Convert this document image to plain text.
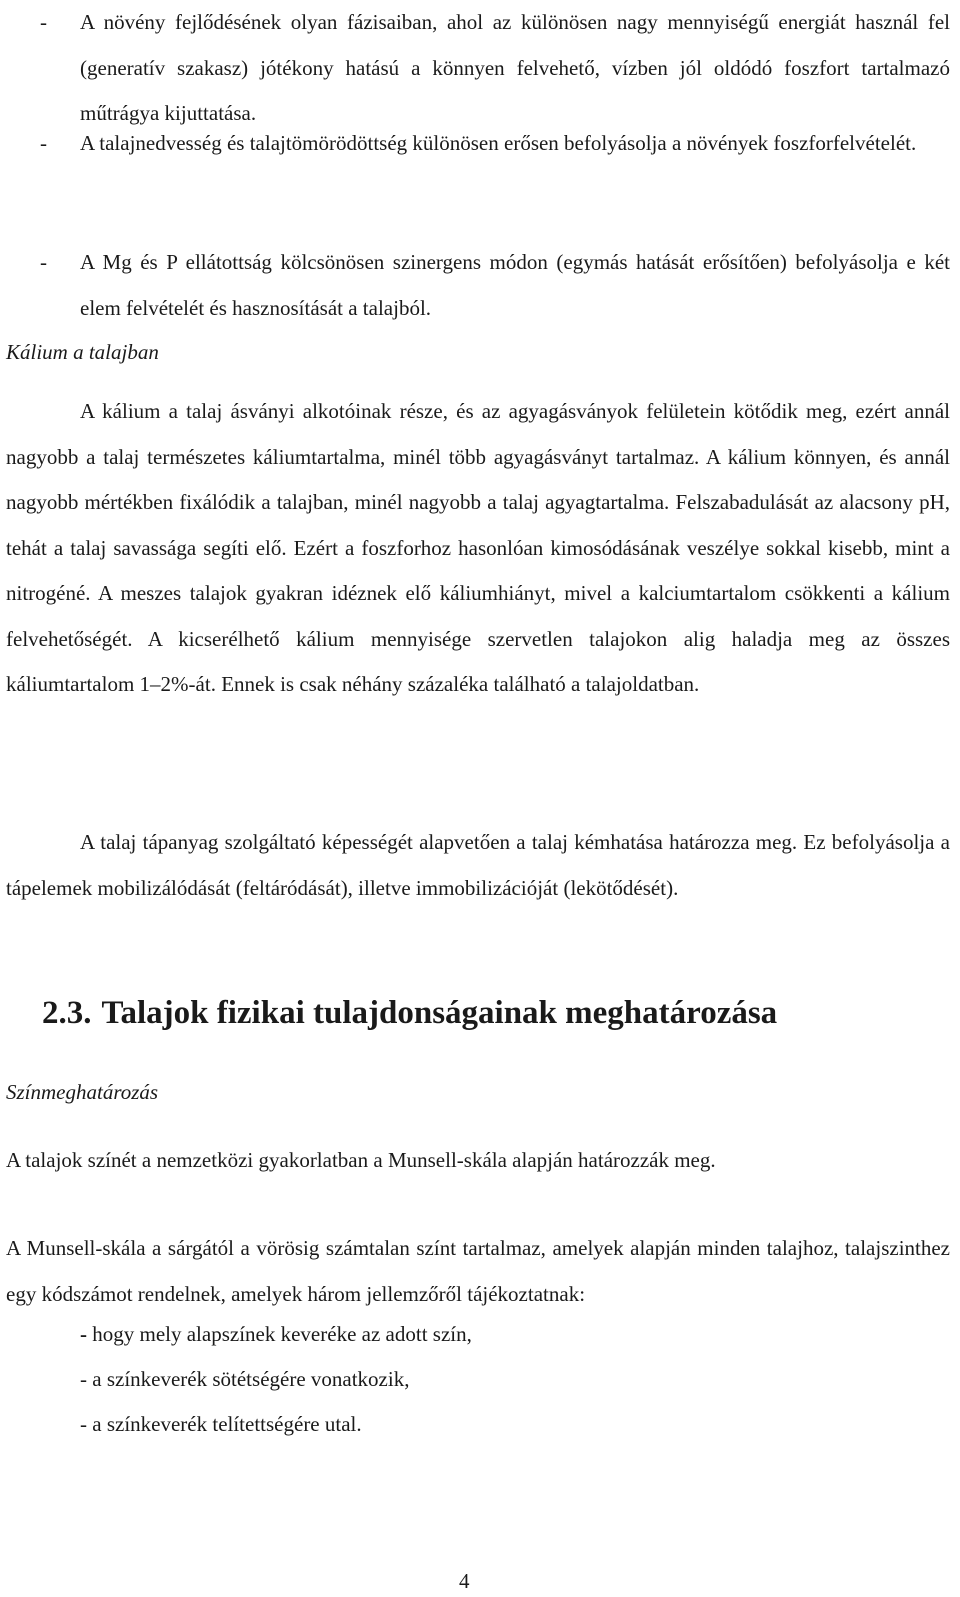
- A növény fejlődésének olyan fázisaiban, ahol az különösen nagy mennyiségű energiát használ fel (generatív szakasz) jótékony hatású a könnyen felvehető, vízben jól oldódó foszfort tartalmazó műtrágya kijuttatása.
- A talajnedvesség és talajtömörödöttség különösen erősen befolyásolja a növények foszforfelvételét.
- A Mg és P ellátottság kölcsönösen szinergens módon (egymás hatását erősítően) befolyásolja e két elem felvételét és hasznosítását a talajból.
Kálium a talajban
A kálium a talaj ásványi alkotóinak része, és az agyagásványok felületein kötődik meg, ezért annál nagyobb a talaj természetes káliumtartalma, minél több agyagásványt tartalmaz. A kálium könnyen, és annál nagyobb mértékben fixálódik a talajban, minél nagyobb a talaj agyagtartalma. Felszabadulását az alacsony pH, tehát a talaj savassága segíti elő. Ezért a foszforhoz hasonlóan kimosódásának veszélye sokkal kisebb, mint a nitrogéné. A meszes talajok gyakran idéznek elő káliumhiányt, mivel a kalciumtartalom csökkenti a kálium felvehetőségét. A kicserélhető kálium mennyisége szervetlen talajokon alig haladja meg az összes káliumtartalom 1–2%-át. Ennek is csak néhány százaléka található a talajoldatban.
A talaj tápanyag szolgáltató képességét alapvetően a talaj kémhatása határozza meg. Ez befolyásolja a tápelemek mobilizálódását (feltáródását), illetve immobilizációját (lekötődését).
2.3. Talajok fizikai tulajdonságainak meghatározása
Színmeghatározás
A talajok színét a nemzetközi gyakorlatban a Munsell-skála alapján határozzák meg.
A Munsell-skála a sárgától a vörösig számtalan színt tartalmaz, amelyek alapján minden talajhoz, talajszinthez egy kódszámot rendelnek, amelyek három jellemzőről tájékoztatnak:
- hogy mely alapszínek keveréke az adott szín,
- a színkeverék sötétségére vonatkozik,
- a színkeverék telítettségére utal.
4
